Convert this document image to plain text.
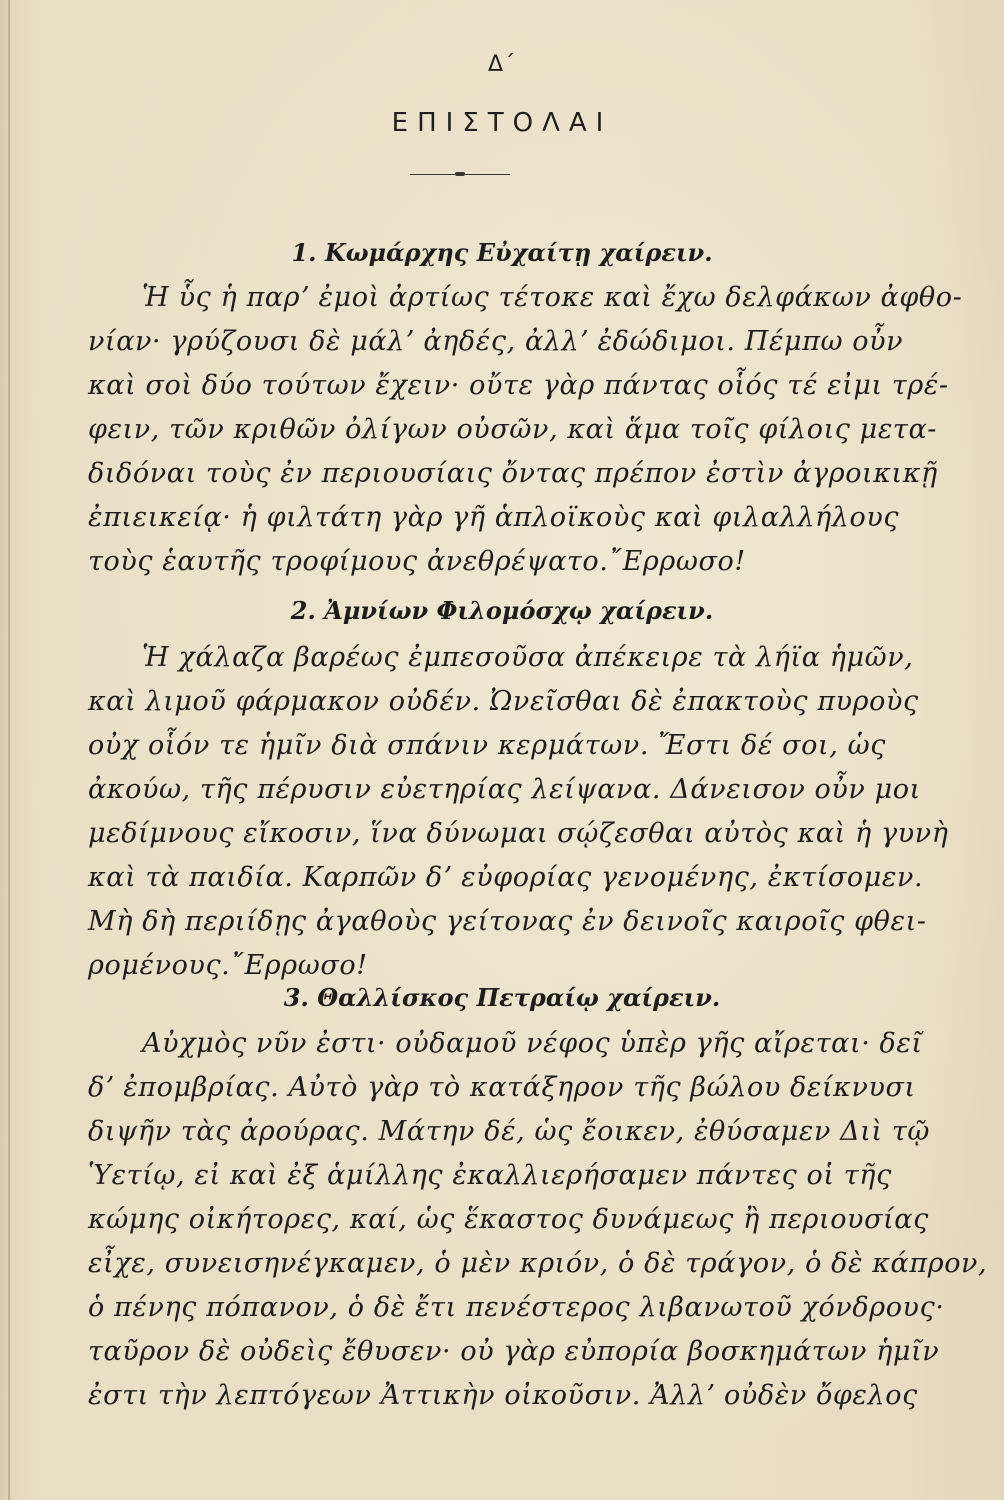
Δ΄
ΕΠΙΣΤΟΛΑΙ
1. Κωμάρχης Εὐχαίτῃ χαίρειν.
Ἡ ὗς ἡ παρʼ ἐμοὶ ἀρτίως τέτοκε καὶ ἔχω δελφάκων ἀφθο-
νίαν· γρύζουσι δὲ μάλʼ ἀηδές, ἀλλʼ ἐδώδιμοι. Πέμπω οὖν
καὶ σοὶ δύο τούτων ἔχειν· οὔτε γὰρ πάντας οἷός τέ εἰμι τρέ-
φειν, τῶν κριθῶν ὀλίγων οὐσῶν, καὶ ἅμα τοῖς φίλοις μετα-
διδόναι τοὺς ἐν περιουσίαις ὄντας πρέπον ἐστὶν ἀγροικικῇ
ἐπιεικείᾳ· ἡ φιλτάτη γὰρ γῆ ἁπλοϊκοὺς καὶ φιλαλλήλους
τοὺς ἑαυτῆς τροφίμους ἀνεθρέψατο.῎Ερρωσο!
2. Ἀμνίων Φιλομόσχῳ χαίρειν.
Ἡ χάλαζα βαρέως ἐμπεσοῦσα ἀπέκειρε τὰ λήϊα ἡμῶν,
καὶ λιμοῦ φάρμακον οὐδέν. Ὠνεῖσθαι δὲ ἐπακτοὺς πυροὺς
οὐχ οἷόν τε ἡμῖν διὰ σπάνιν κερμάτων. Ἔστι δέ σοι, ὡς
ἀκούω, τῆς πέρυσιν εὐετηρίας λείψανα. Δάνεισον οὖν μοι
μεδίμνους εἴκοσιν, ἵνα δύνωμαι σῴζεσθαι αὐτὸς καὶ ἡ γυνὴ
καὶ τὰ παιδία. Καρπῶν δʼ εὐφορίας γενομένης, ἐκτίσομεν.
Μὴ δὴ περιίδῃς ἀγαθοὺς γείτονας ἐν δεινοῖς καιροῖς φθει-
ρομένους.῎Ερρωσο!
3. Θαλλίσκος Πετραίῳ χαίρειν.
Αὐχμὸς νῦν ἐστι· οὐδαμοῦ νέφος ὑπὲρ γῆς αἴρεται· δεῖ
δʼ ἐπομβρίας. Αὐτὸ γὰρ τὸ κατάξηρον τῆς βώλου δείκνυσι
διψῆν τὰς ἀρούρας. Μάτην δέ, ὡς ἔοικεν, ἐθύσαμεν Διὶ τῷ
Ὑετίῳ, εἰ καὶ ἐξ ἁμίλλης ἐκαλλιερήσαμεν πάντες οἱ τῆς
κώμης οἰκήτορες, καί, ὡς ἕκαστος δυνάμεως ἢ περιουσίας
εἶχε, συνεισηνέγκαμεν, ὁ μὲν κριόν, ὁ δὲ τράγον, ὁ δὲ κάπρον,
ὁ πένης πόπανον, ὁ δὲ ἔτι πενέστερος λιβανωτοῦ χόνδρους·
ταῦρον δὲ οὐδεὶς ἔθυσεν· οὐ γὰρ εὐπορία βοσκημάτων ἡμῖν
ἐστι τὴν λεπτόγεων Ἀττικὴν οἰκοῦσιν. Ἀλλʼ οὐδὲν ὄφελος
